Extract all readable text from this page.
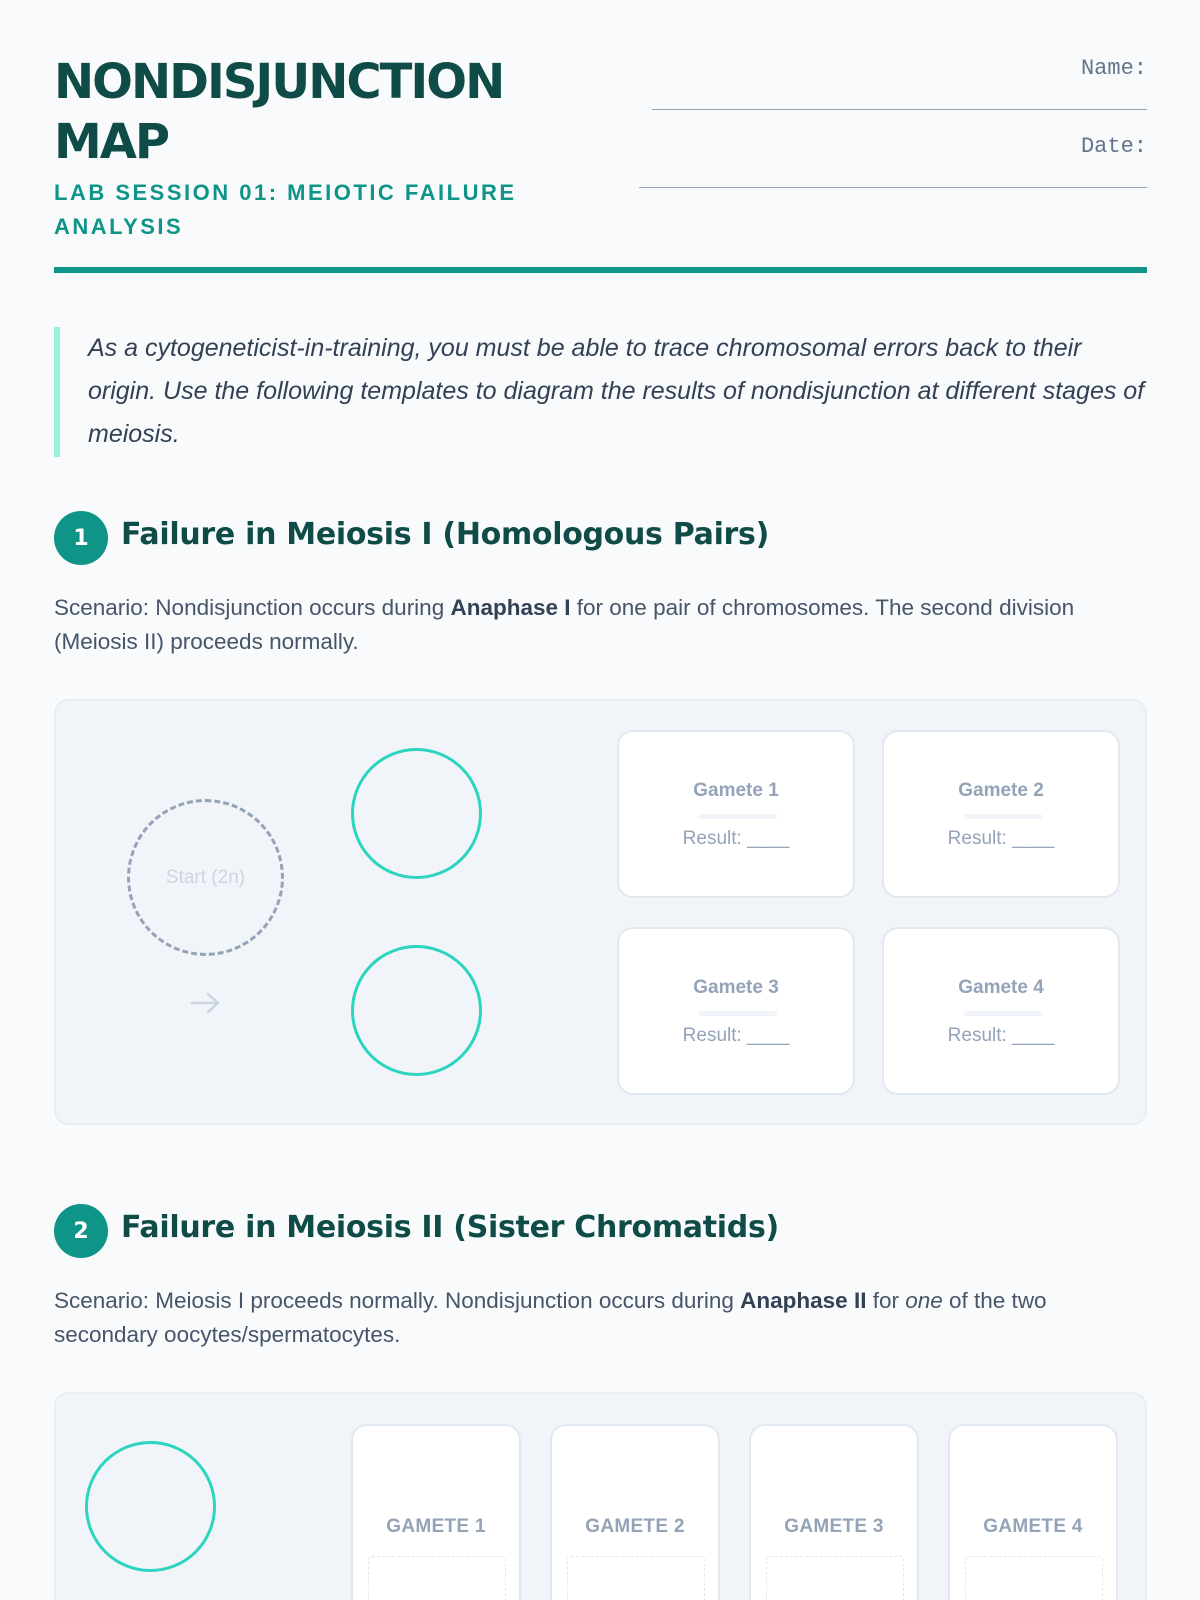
NONDISJUNCTION MAP
LAB SESSION 01: MEIOTIC FAILURE ANALYSIS
Name:
Date:
As a cytogeneticist-in-training, you must be able to trace chromosomal errors back to their origin. Use the following templates to diagram the results of nondisjunction at different stages of meiosis.
1	Failure in Meiosis I (Homologous Pairs)
Scenario: Nondisjunction occurs during Anaphase I for one pair of chromosomes. The second division (Meiosis II) proceeds normally.
Start (2n)
Gamete 1
Result: ____
Gamete 2
Result: ____
Gamete 3
Result: ____
Gamete 4
Result: ____
2	Failure in Meiosis II (Sister Chromatids)
Scenario: Meiosis I proceeds normally. Nondisjunction occurs during Anaphase II for one of the two secondary oocytes/spermatocytes.
GAMETE 1	GAMETE 2	GAMETE 3	GAMETE 4
